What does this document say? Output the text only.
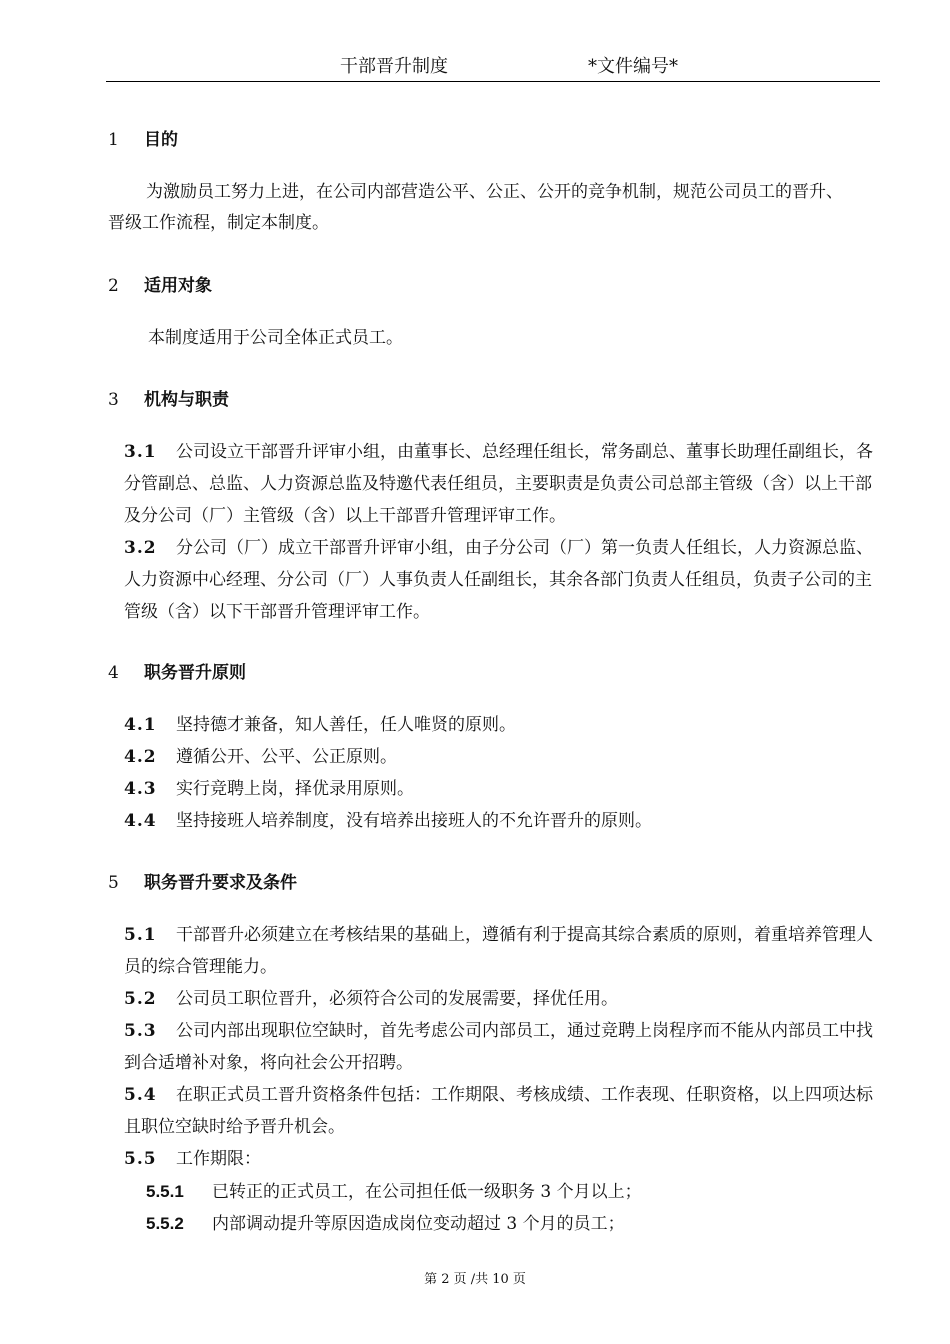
干部晋升制度	*文件编号*
1 目的
为激励员工努力上进，在公司内部营造公平、公正、公开的竞争机制，规范公司员工的晋升、晋级工作流程，制定本制度。
2 适用对象
本制度适用于公司全体正式员工。
3 机构与职责
3.1 公司设立干部晋升评审小组，由董事长、总经理任组长，常务副总、董事长助理任副组长，各分管副总、总监、人力资源总监及特邀代表任组员，主要职责是负责公司总部主管级（含）以上干部及分公司（厂）主管级（含）以上干部晋升管理评审工作。
3.2 分公司（厂）成立干部晋升评审小组，由子分公司（厂）第一负责人任组长，人力资源总监、人力资源中心经理、分公司（厂）人事负责人任副组长，其余各部门负责人任组员，负责子公司的主管级（含）以下干部晋升管理评审工作。
4 职务晋升原则
4.1 坚持德才兼备，知人善任，任人唯贤的原则。
4.2 遵循公开、公平、公正原则。
4.3 实行竞聘上岗，择优录用原则。
4.4 坚持接班人培养制度，没有培养出接班人的不允许晋升的原则。
5 职务晋升要求及条件
5.1 干部晋升必须建立在考核结果的基础上，遵循有利于提高其综合素质的原则，着重培养管理人员的综合管理能力。
5.2 公司员工职位晋升，必须符合公司的发展需要，择优任用。
5.3 公司内部出现职位空缺时，首先考虑公司内部员工，通过竞聘上岗程序而不能从内部员工中找到合适增补对象，将向社会公开招聘。
5.4 在职正式员工晋升资格条件包括：工作期限、考核成绩、工作表现、任职资格，以上四项达标且职位空缺时给予晋升机会。
5.5 工作期限：
5.5.1 已转正的正式员工，在公司担任低一级职务 3 个月以上；
5.5.2 内部调动提升等原因造成岗位变动超过 3 个月的员工；
第 2 页 /共 10 页
